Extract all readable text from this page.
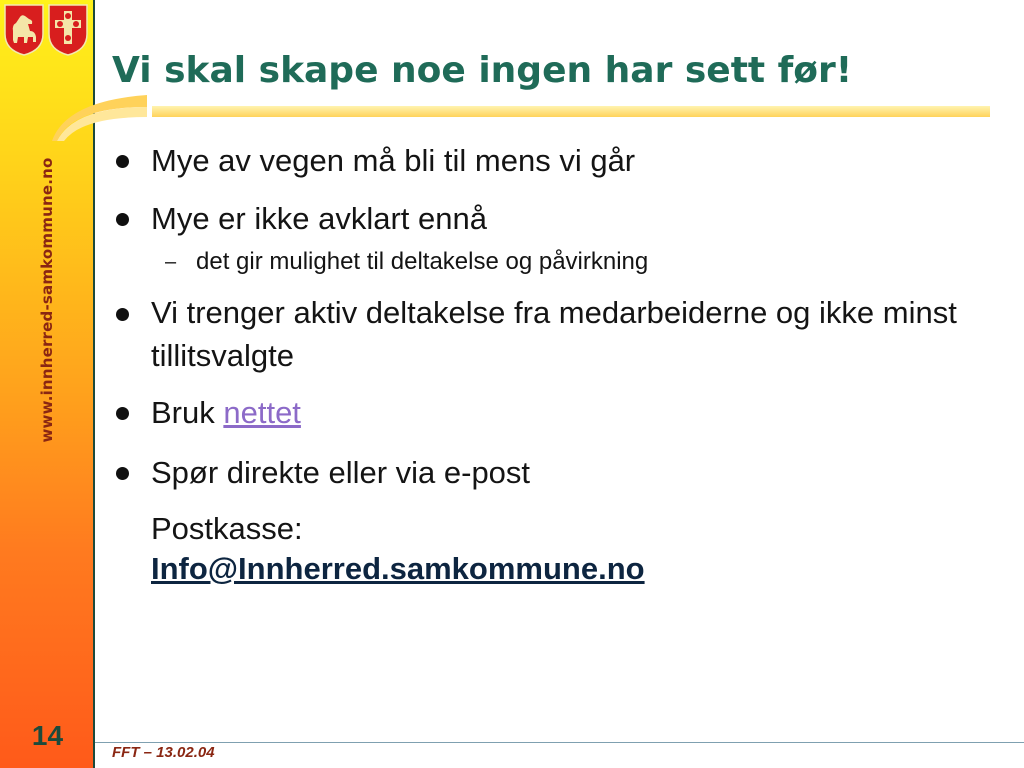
www.innherred-samkommune.no
14
Vi skal skape noe ingen har sett før!
Mye av vegen må bli til mens vi går
Mye er ikke avklart ennå
– det gir mulighet til deltakelse og påvirkning
Vi trenger aktiv deltakelse fra medarbeiderne og ikke minst tillitsvalgte
Bruk nettet
Spør direkte eller via e-post
Postkasse:
Info@Innherred.samkommune.no
FFT – 13.02.04
